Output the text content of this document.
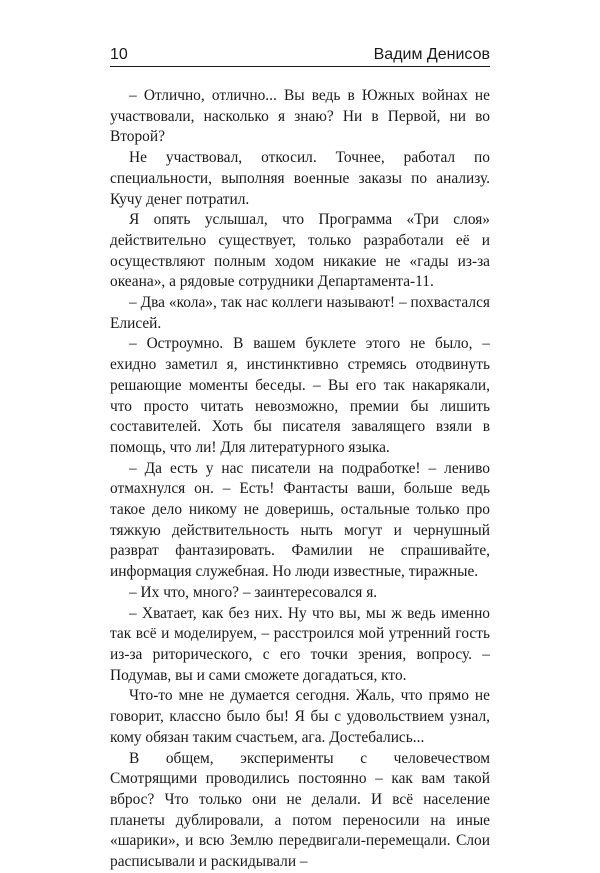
10	Вадим Денисов

– Отлично, отлично... Вы ведь в Южных войнах не участвовали, насколько я знаю? Ни в Первой, ни во Второй?

Не участвовал, откосил. Точнее, работал по специальности, выполняя военные заказы по анализу. Кучу денег потратил.

Я опять услышал, что Программа «Три слоя» действительно существует, только разработали её и осуществляют полным ходом никакие не «гады из-за океана», а рядовые сотрудники Департамента-11.

– Два «кола», так нас коллеги называют! – похвастался Елисей.

– Остроумно. В вашем буклете этого не было, – ехидно заметил я, инстинктивно стремясь отодвинуть решающие моменты беседы. – Вы его так накарякали, что просто читать невозможно, премии бы лишить составителей. Хоть бы писателя завалящего взяли в помощь, что ли! Для литературного языка.

– Да есть у нас писатели на подработке! – лениво отмахнулся он. – Есть! Фантасты ваши, больше ведь такое дело никому не доверишь, остальные только про тяжкую действительность ныть могут и чернушный разврат фантазировать. Фамилии не спрашивайте, информация служебная. Но люди известные, тиражные.

– Их что, много? – заинтересовался я.

– Хватает, как без них. Ну что вы, мы ж ведь именно так всё и моделируем, – расстроился мой утренний гость из-за риторического, с его точки зрения, вопросу. – Подумав, вы и сами сможете догадаться, кто.

Что-то мне не думается сегодня. Жаль, что прямо не говорит, классно было бы! Я бы с удовольствием узнал, кому обязан таким счастьем, ага. Достебались...

В общем, эксперименты с человечеством Смотрящими проводились постоянно – как вам такой вброс? Что только они не делали. И всё население планеты дублировали, а потом переносили на иные «шарики», и всю Землю передвигали-перемещали. Слои расписывали и раскидывали –
